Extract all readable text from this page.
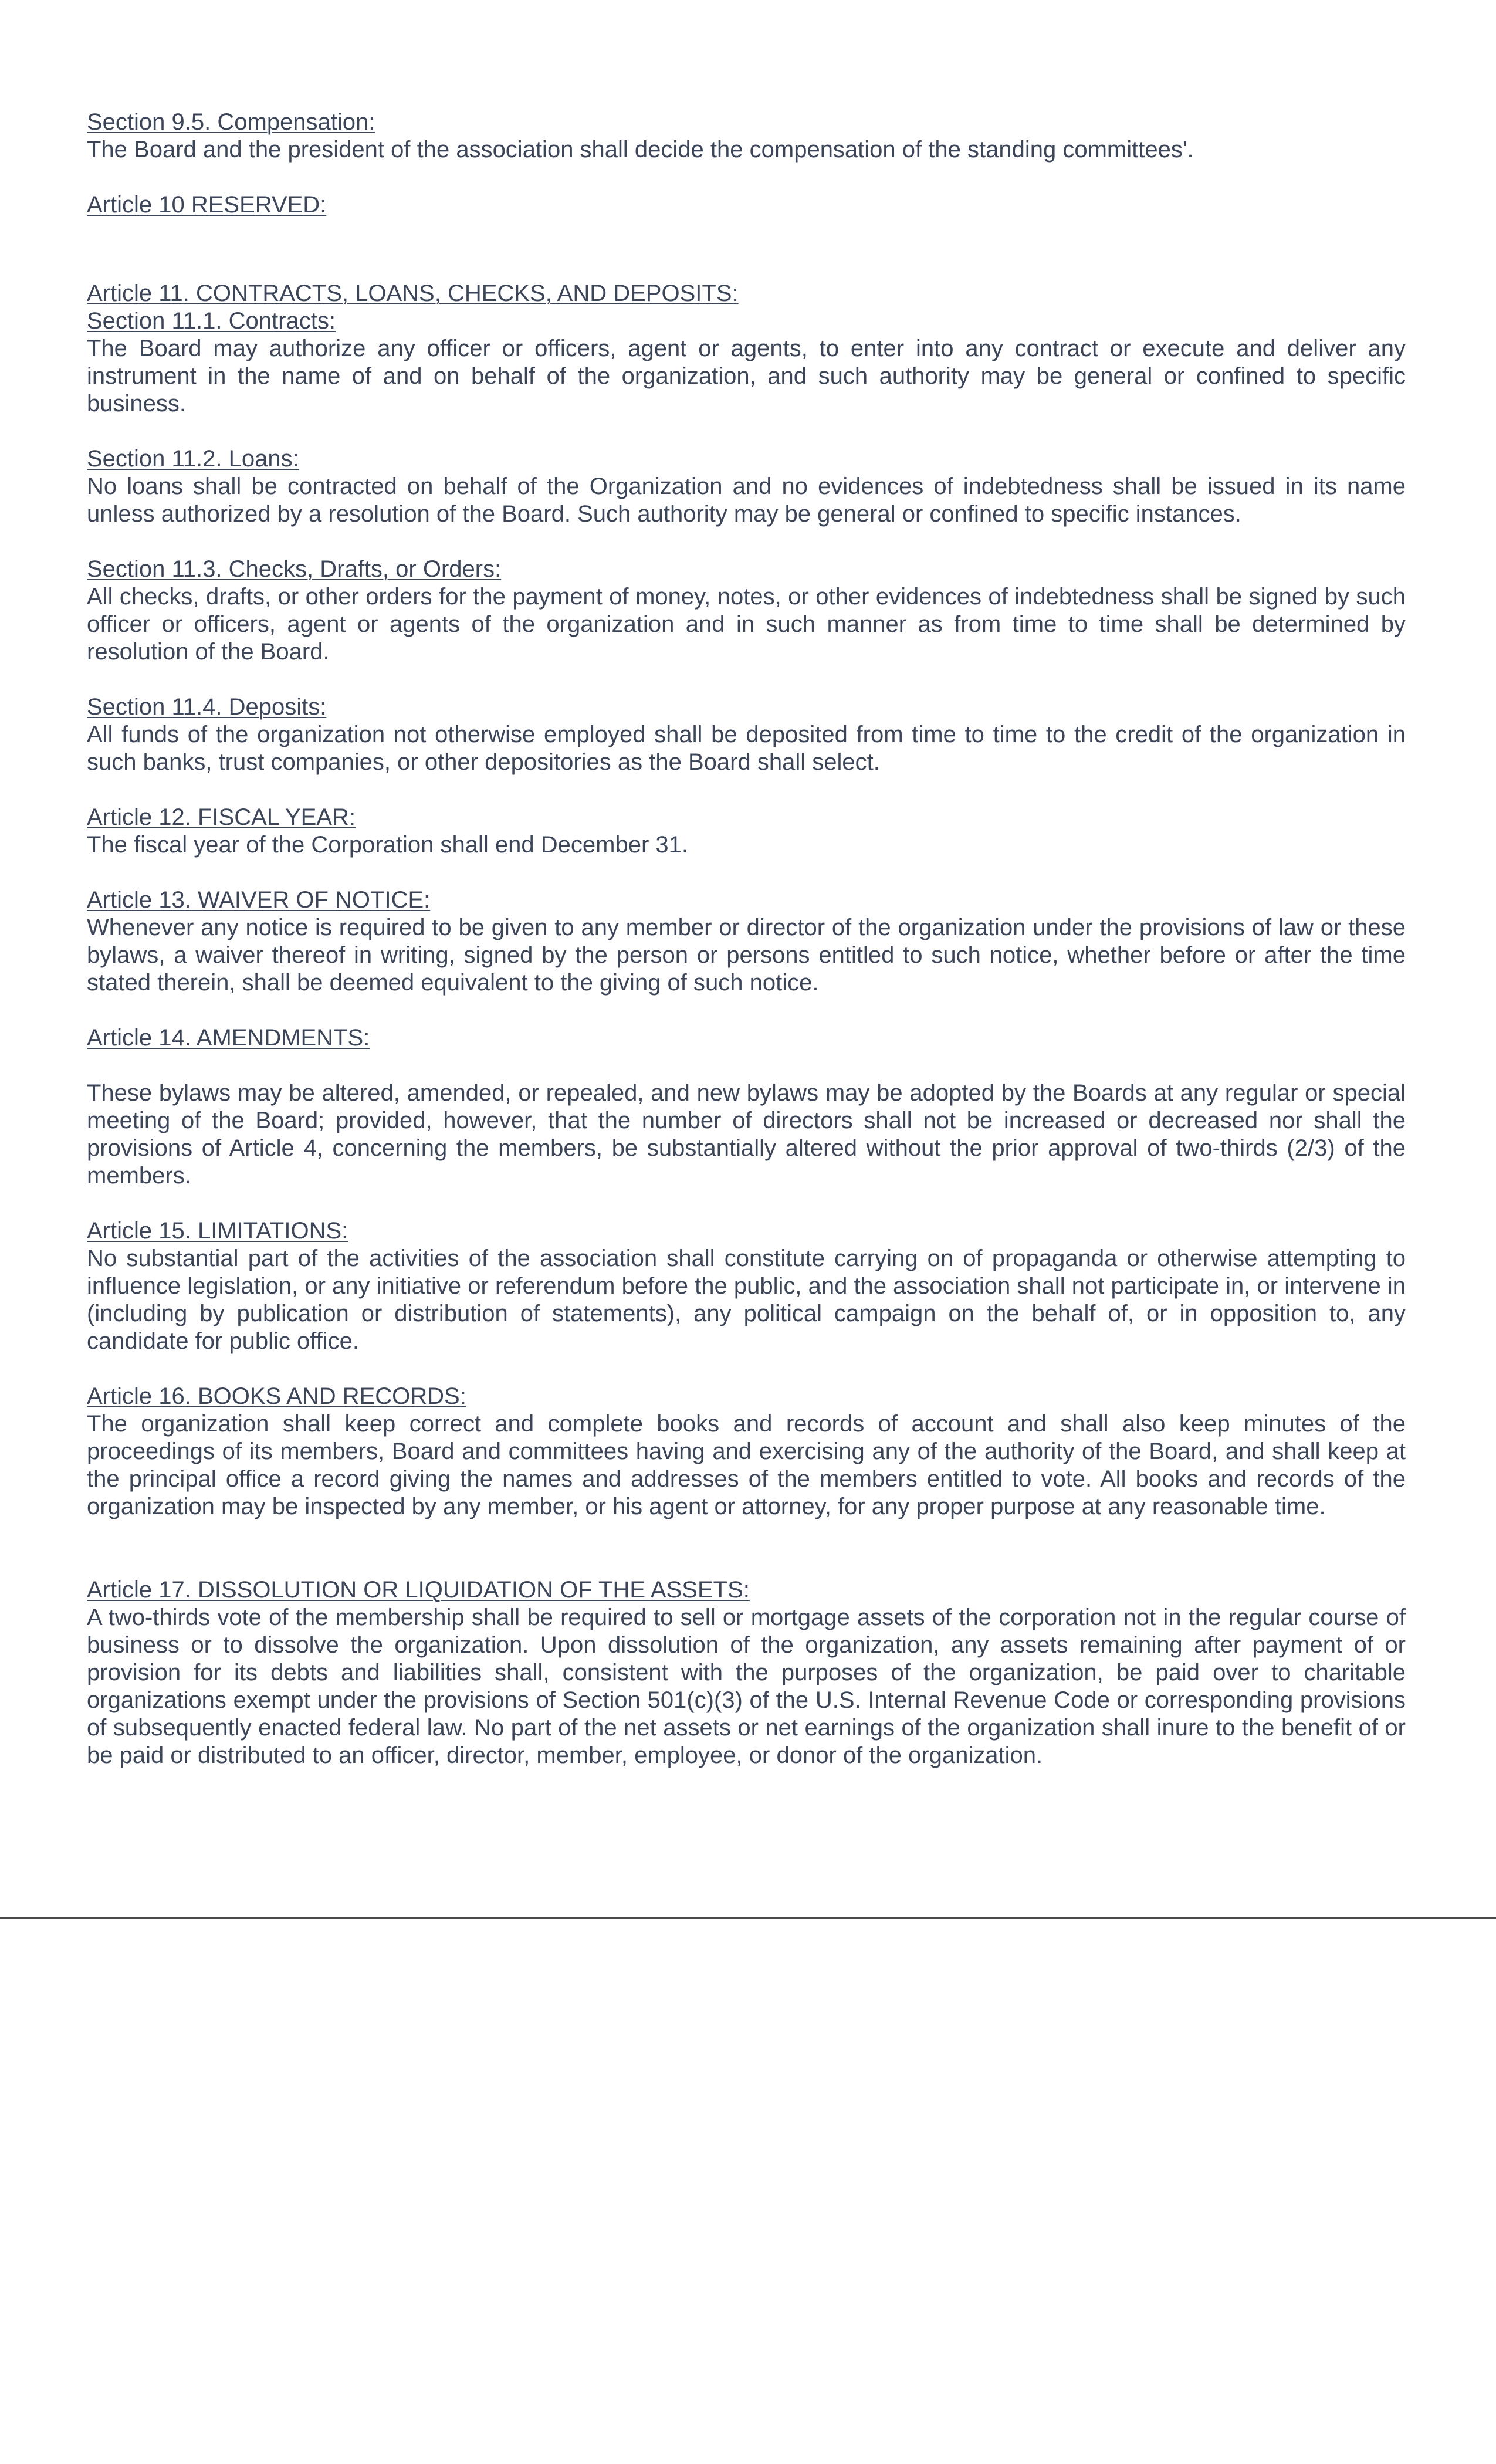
Section 9.5. Compensation:
The Board and the president of the association shall decide the compensation of the standing committees'.
Article 10 RESERVED:
Article 11. CONTRACTS, LOANS, CHECKS, AND DEPOSITS:
Section 11.1. Contracts:
The Board may authorize any officer or officers, agent or agents, to enter into any contract or execute and deliver any instrument in the name of and on behalf of the organization, and such authority may be general or confined to specific business.
Section 11.2. Loans:
No loans shall be contracted on behalf of the Organization and no evidences of indebtedness shall be issued in its name unless authorized by a resolution of the Board. Such authority may be general or confined to specific instances.
Section 11.3. Checks, Drafts, or Orders:
All checks, drafts, or other orders for the payment of money, notes, or other evidences of indebtedness shall be signed by such officer or officers, agent or agents of the organization and in such manner as from time to time shall be determined by resolution of the Board.
Section 11.4. Deposits:
All funds of the organization not otherwise employed shall be deposited from time to time to the credit of the organization in such banks, trust companies, or other depositories as the Board shall select.
Article 12. FISCAL YEAR:
The fiscal year of the Corporation shall end December 31.
Article 13. WAIVER OF NOTICE:
Whenever any notice is required to be given to any member or director of the organization under the provisions of law or these bylaws, a waiver thereof in writing, signed by the person or persons entitled to such notice, whether before or after the time stated therein, shall be deemed equivalent to the giving of such notice.
Article 14. AMENDMENTS:
These bylaws may be altered, amended, or repealed, and new bylaws may be adopted by the Boards at any regular or special meeting of the Board; provided, however, that the number of directors shall not be increased or decreased nor shall the provisions of Article 4, concerning the members, be substantially altered without the prior approval of two-thirds (2/3) of the members.
Article 15. LIMITATIONS:
No substantial part of the activities of the association shall constitute carrying on of propaganda or otherwise attempting to influence legislation, or any initiative or referendum before the public, and the association shall not participate in, or intervene in (including by publication or distribution of statements), any political campaign on the behalf of, or in opposition to, any candidate for public office.
Article 16. BOOKS AND RECORDS:
The organization shall keep correct and complete books and records of account and shall also keep minutes of the proceedings of its members, Board and committees having and exercising any of the authority of the Board, and shall keep at the principal office a record giving the names and addresses of the members entitled to vote. All books and records of the organization may be inspected by any member, or his agent or attorney, for any proper purpose at any reasonable time.
Article 17. DISSOLUTION OR LIQUIDATION OF THE ASSETS:
A two-thirds vote of the membership shall be required to sell or mortgage assets of the corporation not in the regular course of business or to dissolve the organization. Upon dissolution of the organization, any assets remaining after payment of or provision for its debts and liabilities shall, consistent with the purposes of the organization, be paid over to charitable organizations exempt under the provisions of Section 501(c)(3) of the U.S. Internal Revenue Code or corresponding provisions of subsequently enacted federal law. No part of the net assets or net earnings of the organization shall inure to the benefit of or be paid or distributed to an officer, director, member, employee, or donor of the organization.
